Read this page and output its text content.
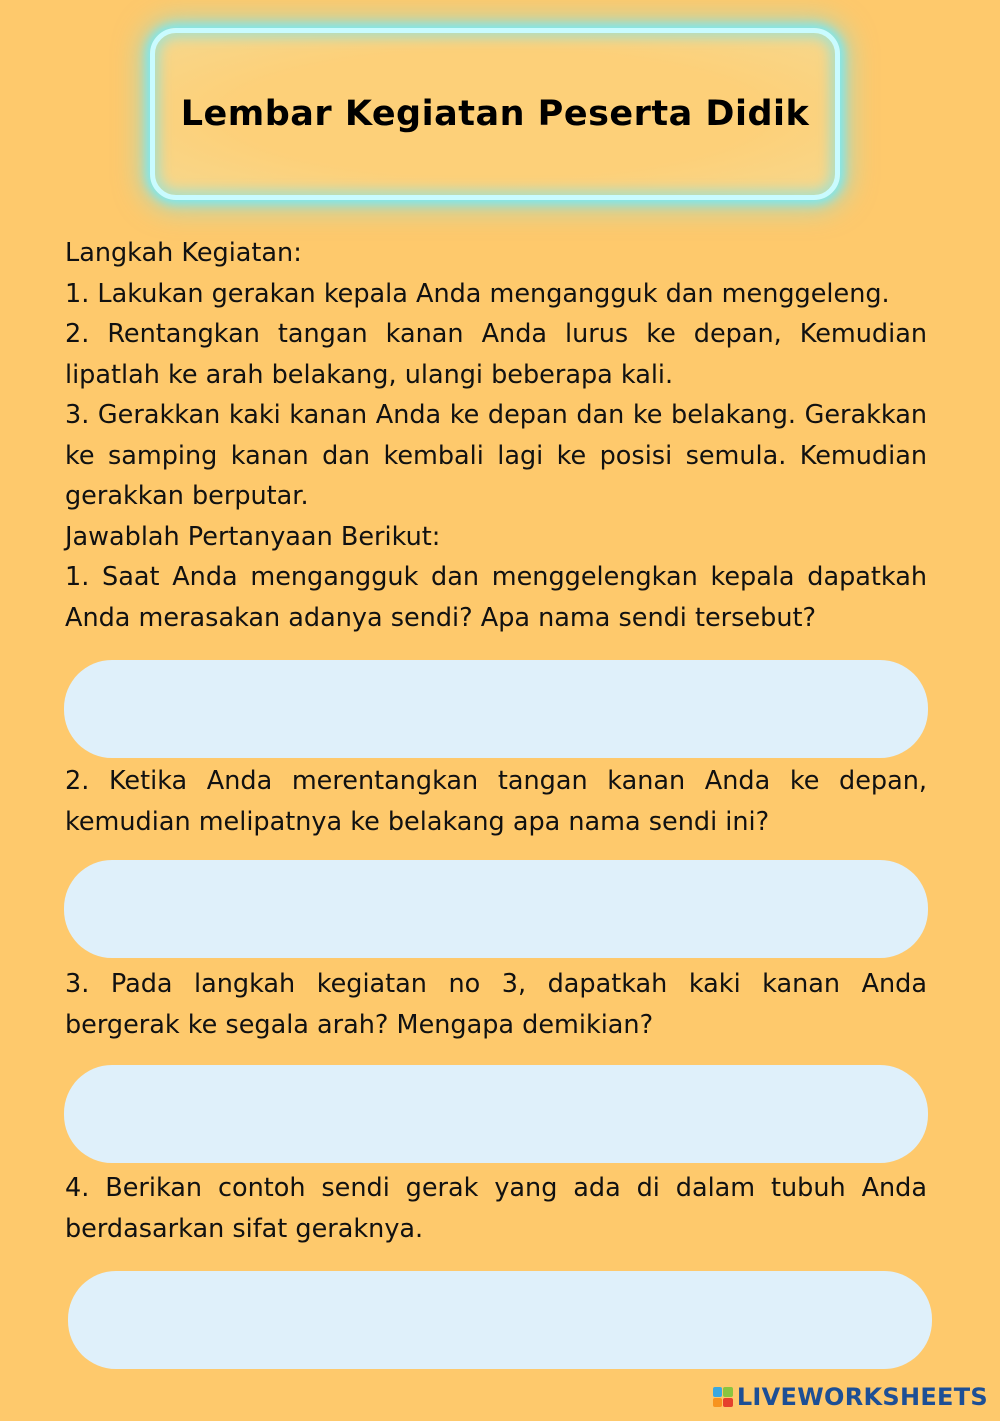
Lembar Kegiatan Peserta Didik

Langkah Kegiatan:

1. Lakukan gerakan kepala Anda mengangguk dan menggeleng.

2. Rentangkan tangan kanan Anda lurus ke depan, Kemudian lipatlah ke arah belakang, ulangi beberapa kali.

3. Gerakkan kaki kanan Anda ke depan dan ke belakang. Gerakkan ke samping kanan dan kembali lagi ke posisi semula. Kemudian gerakkan berputar.

Jawablah Pertanyaan Berikut:

1. Saat Anda mengangguk dan menggelengkan kepala dapatkah Anda merasakan adanya sendi? Apa nama sendi tersebut?

2. Ketika Anda merentangkan tangan kanan Anda ke depan, kemudian melipatnya ke belakang apa nama sendi ini?

3. Pada langkah kegiatan no 3, dapatkah kaki kanan Anda bergerak ke segala arah? Mengapa demikian?

4. Berikan contoh sendi gerak yang ada di dalam tubuh Anda berdasarkan sifat geraknya.

LIVEWORKSHEETS
